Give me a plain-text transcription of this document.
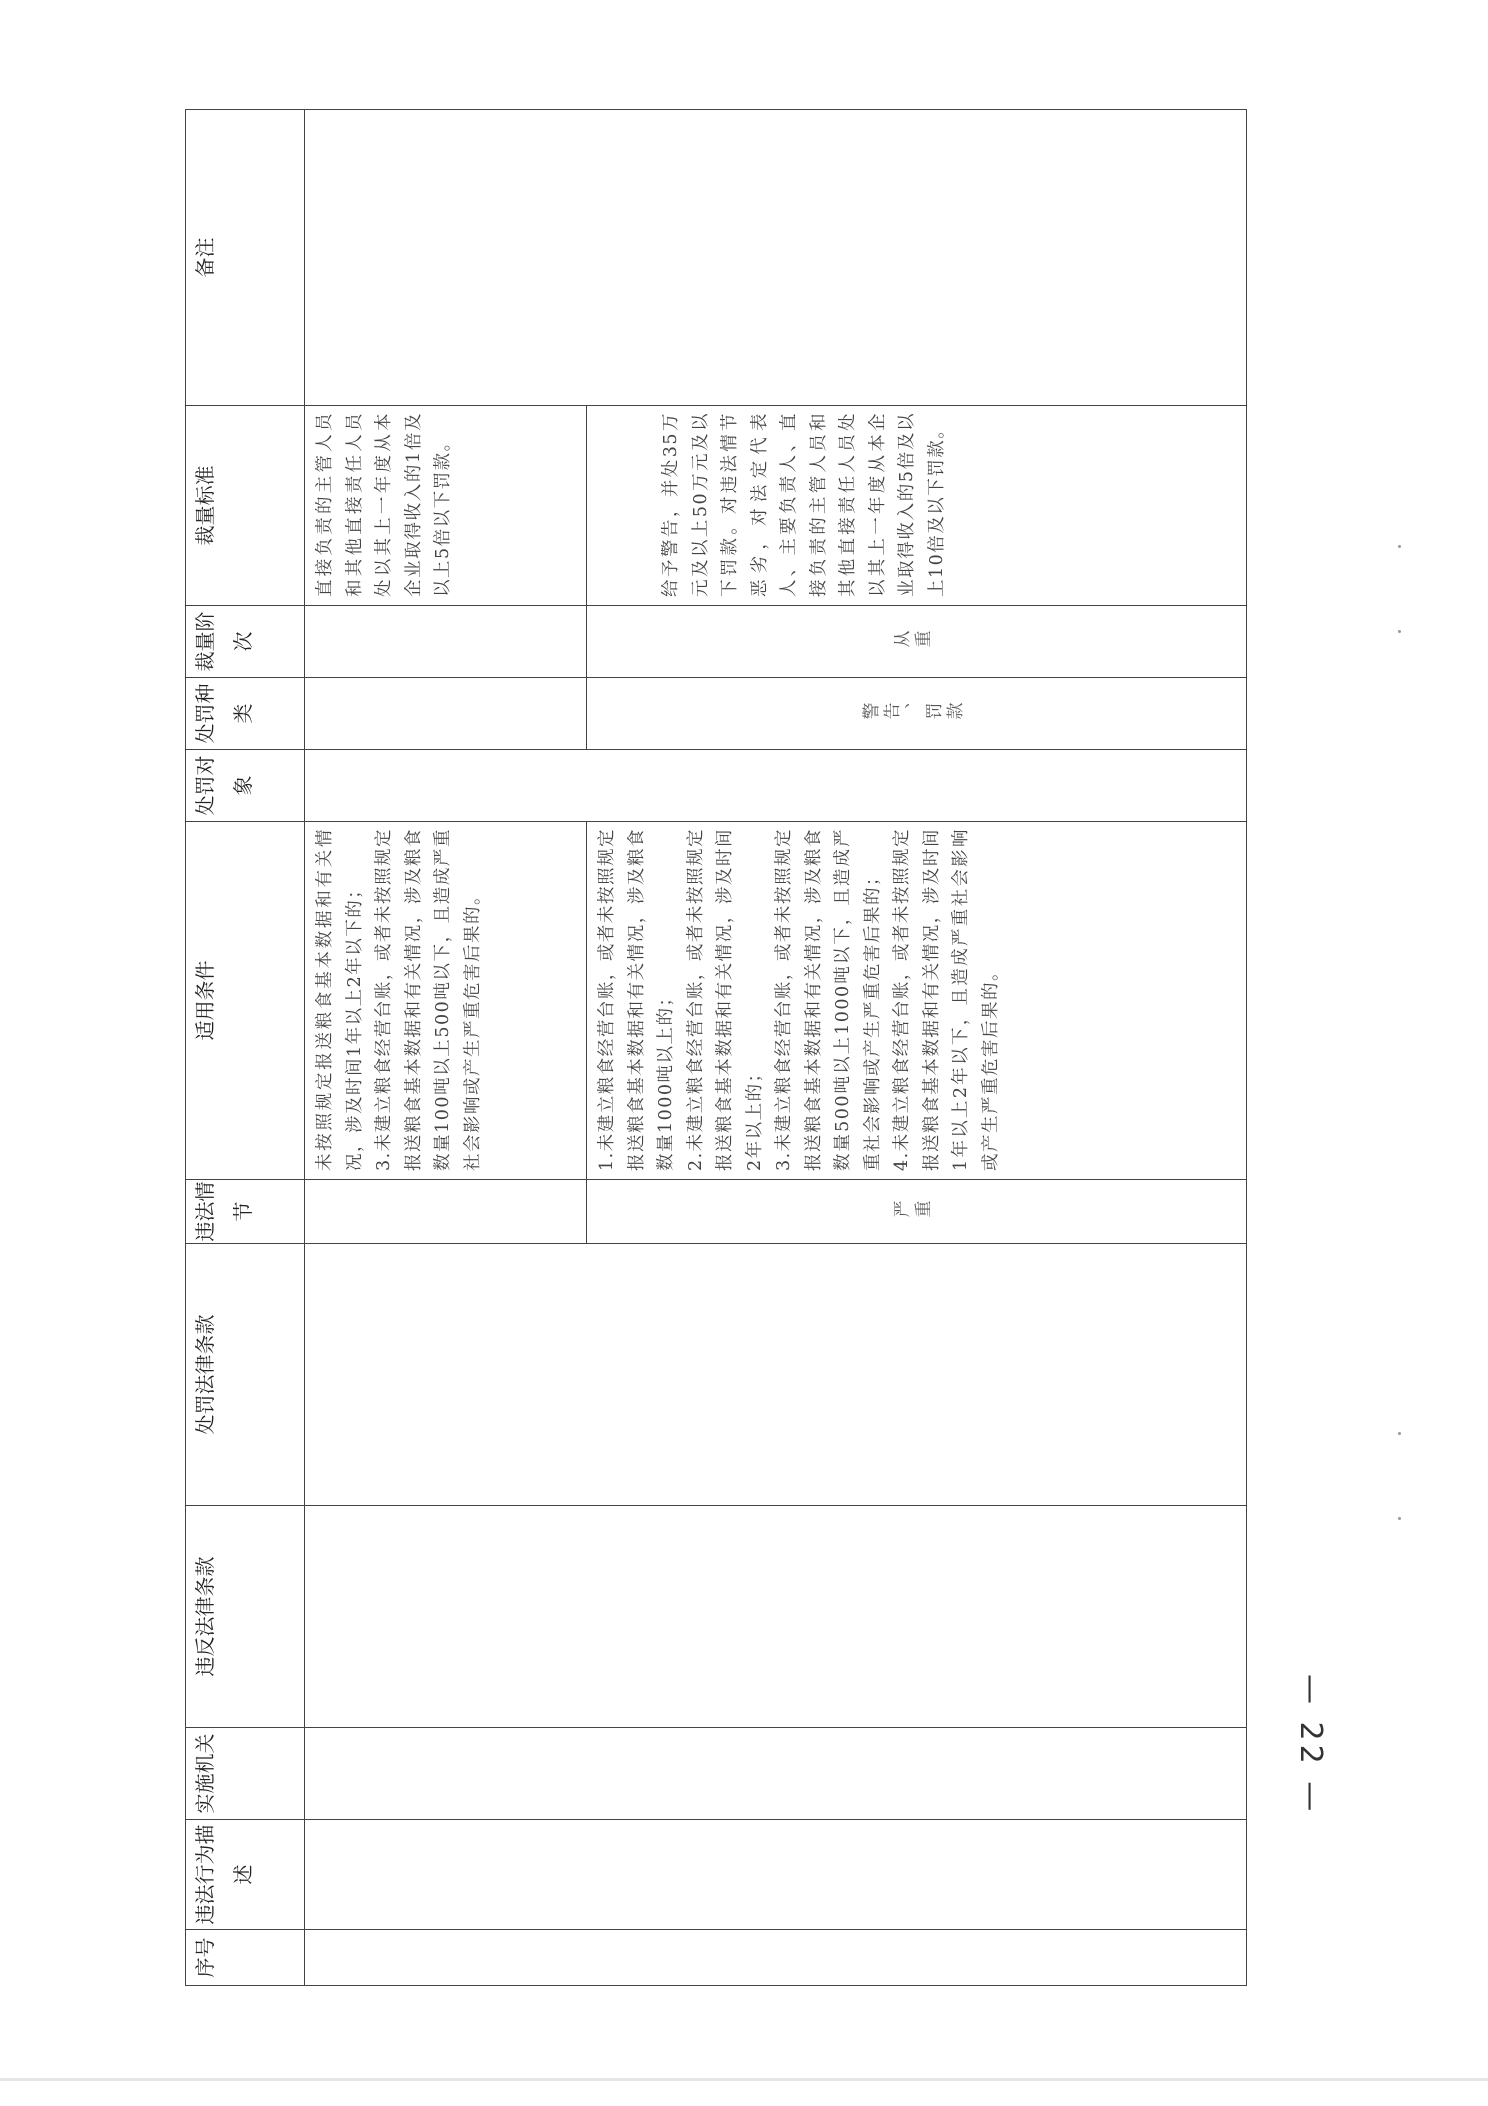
序号	违法行为描述	实施机关	违反法律条款	处罚法律条款	违法情节	适用条件	处罚对象	处罚种类	裁量阶次	裁量标准	备注

						未按照规定报送粮食基本数据和有关情况，涉及时间1年以上2年以下的； 3.未建立粮食经营台账，或者未按照规定报送粮食基本数据和有关情况，涉及粮食数量100吨以上500吨以下，且造成严重社会影响或产生严重危害后果的。				直接负责的主管人员和其他直接责任人员处以其上一年度从本企业取得收入的1倍及以上5倍以下罚款。	

					严重	1.未建立粮食经营台账，或者未按照规定报送粮食基本数据和有关情况，涉及粮食数量1000吨以上的； 2.未建立粮食经营台账，或者未按照规定报送粮食基本数据和有关情况，涉及时间2年以上的； 3.未建立粮食经营台账，或者未按照规定报送粮食基本数据和有关情况，涉及粮食数量500吨以上1000吨以下，且造成严重社会影响或产生严重危害后果的； 4.未建立粮食经营台账，或者未按照规定报送粮食基本数据和有关情况，涉及时间1年以上2年以下，且造成严重社会影响或产生严重危害后果的。		警告、罚款	从重	给予警告，并处35万元及以上50万元及以下罚款。对违法情节恶劣，对法定代表人、主要负责人、直接负责的主管人员和其他直接责任人员处以其上一年度从本企业取得收入的5倍及以上10倍及以下罚款。	
— 22 —
